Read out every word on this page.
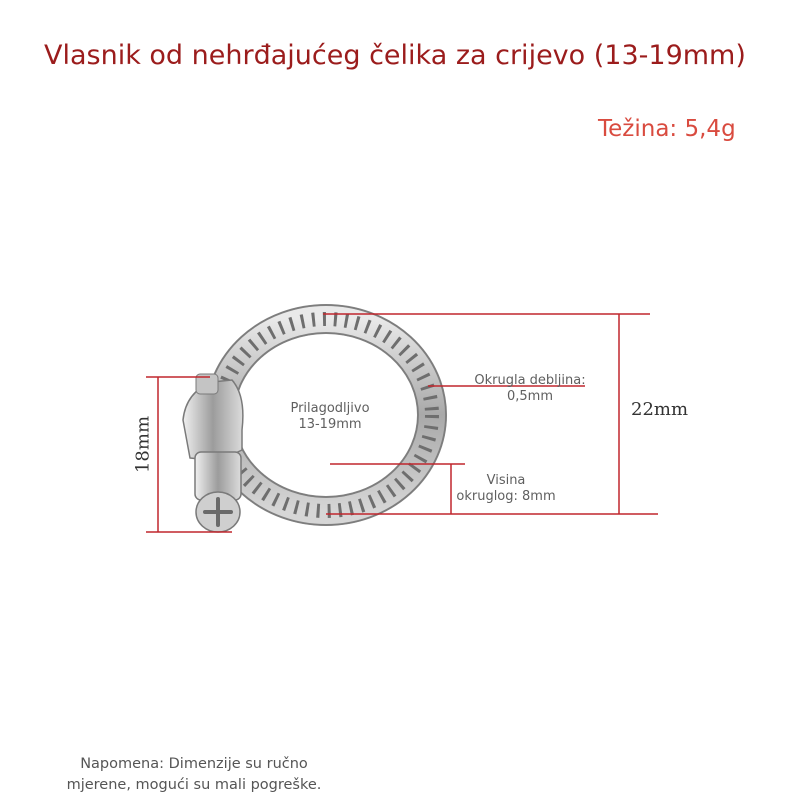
Vlasnik od nehrđajućeg čelika za crijevo (13-19mm)
Težina: 5,4g
Prilagodljivo
13-19mm
Okrugla debljina:
0,5mm
Visina
okruglog: 8mm
18mm
22mm
Napomena: Dimenzije su ručno
mjerene, mogući su mali pogreške.
